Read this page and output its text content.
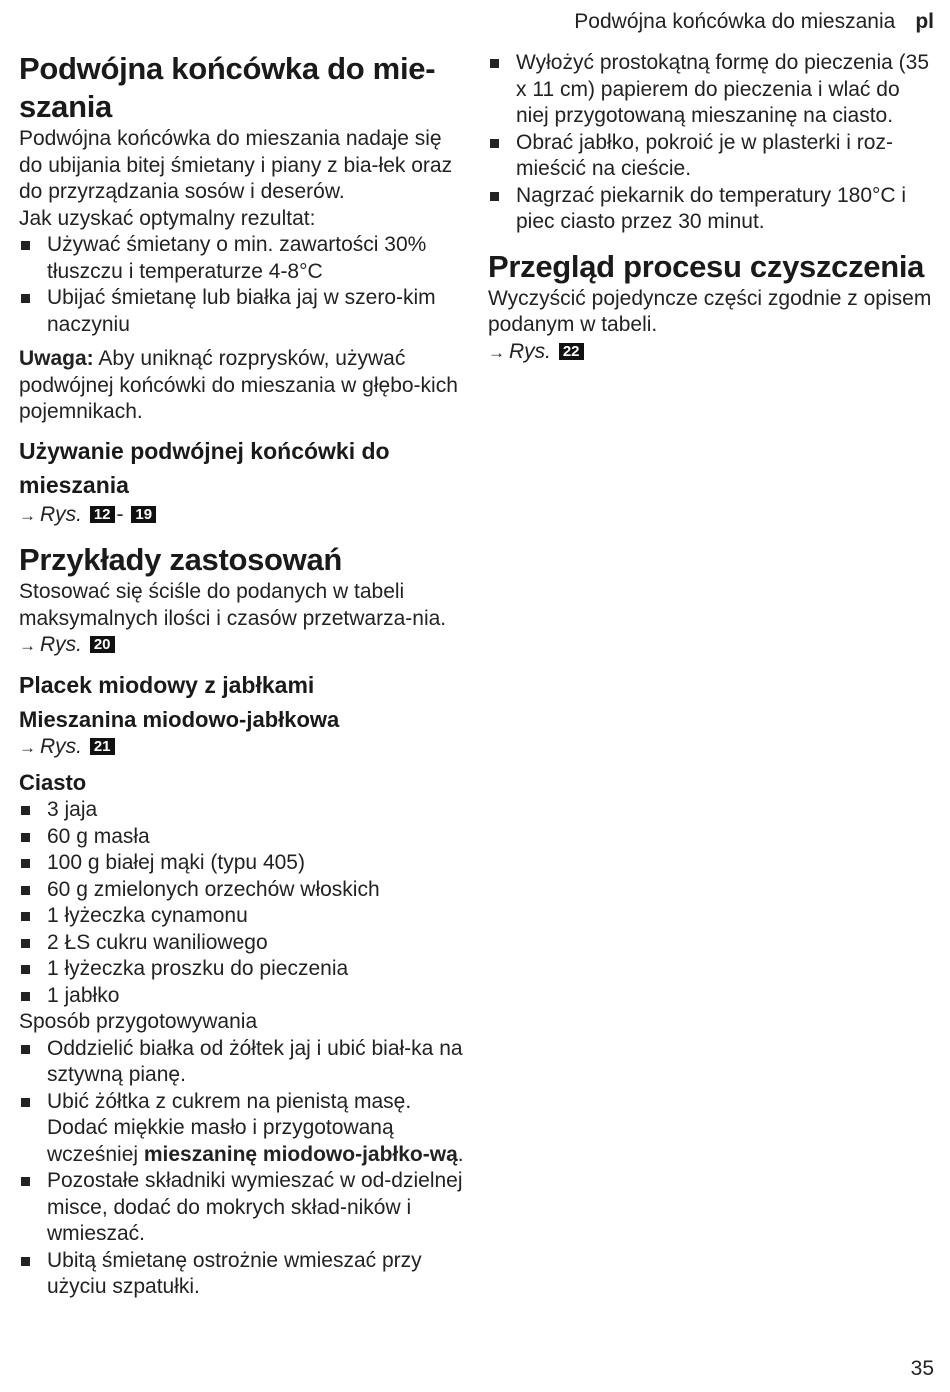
Podwójna końcówka do mieszania pl
Podwójna końcówka do mie-szania

Podwójna końcówka do mieszania nadaje się do ubijania bitej śmietany i piany z bia-łek oraz do przyrządzania sosów i deserów.

Jak uzyskać optymalny rezultat:

Używać śmietany o min. zawartości 30% tłuszczu i temperaturze 4-8°C
Ubijać śmietanę lub białka jaj w szero-kim naczyniu

Uwaga: Aby uniknąć rozprysków, używać podwójnej końcówki do mieszania w głębo-kich pojemnikach.

Używanie podwójnej końcówki do mieszania

→ Rys. 12 - 19

Przykłady zastosowań

Stosować się ściśle do podanych w tabeli maksymalnych ilości i czasów przetwarza-nia.

→ Rys. 20

Placek miodowy z jabłkami
Mieszanina miodowo-jabłkowa

→ Rys. 21

Ciasto
3 jaja
60 g masła
100 g białej mąki (typu 405)
60 g zmielonych orzechów włoskich
1 łyżeczka cynamonu
2 ŁS cukru waniliowego
1 łyżeczka proszku do pieczenia
1 jabłko

Sposób przygotowywania

Oddzielić białka od żółtek jaj i ubić biał-ka na sztywną pianę.
Ubić żółtka z cukrem na pienistą masę. Dodać miękkie masło i przygotowaną wcześniej mieszaninę miodowo-jabłko-wą.
Pozostałe składniki wymieszać w od-dzielnej misce, dodać do mokrych skład-ników i wmieszać.
Ubitą śmietanę ostrożnie wmieszać przy użyciu szpatułki.
Wyłożyć prostokątną formę do pieczenia (35 x 11 cm) papierem do pieczenia i wlać do niej przygotowaną mieszaninę na ciasto.
Obrać jabłko, pokroić je w plasterki i roz-mieścić na cieście.
Nagrzać piekarnik do temperatury 180°C i piec ciasto przez 30 minut.
Przegląd procesu czyszczenia

Wyczyścić pojedyncze części zgodnie z opisem podanym w tabeli.

→ Rys. 22

35
